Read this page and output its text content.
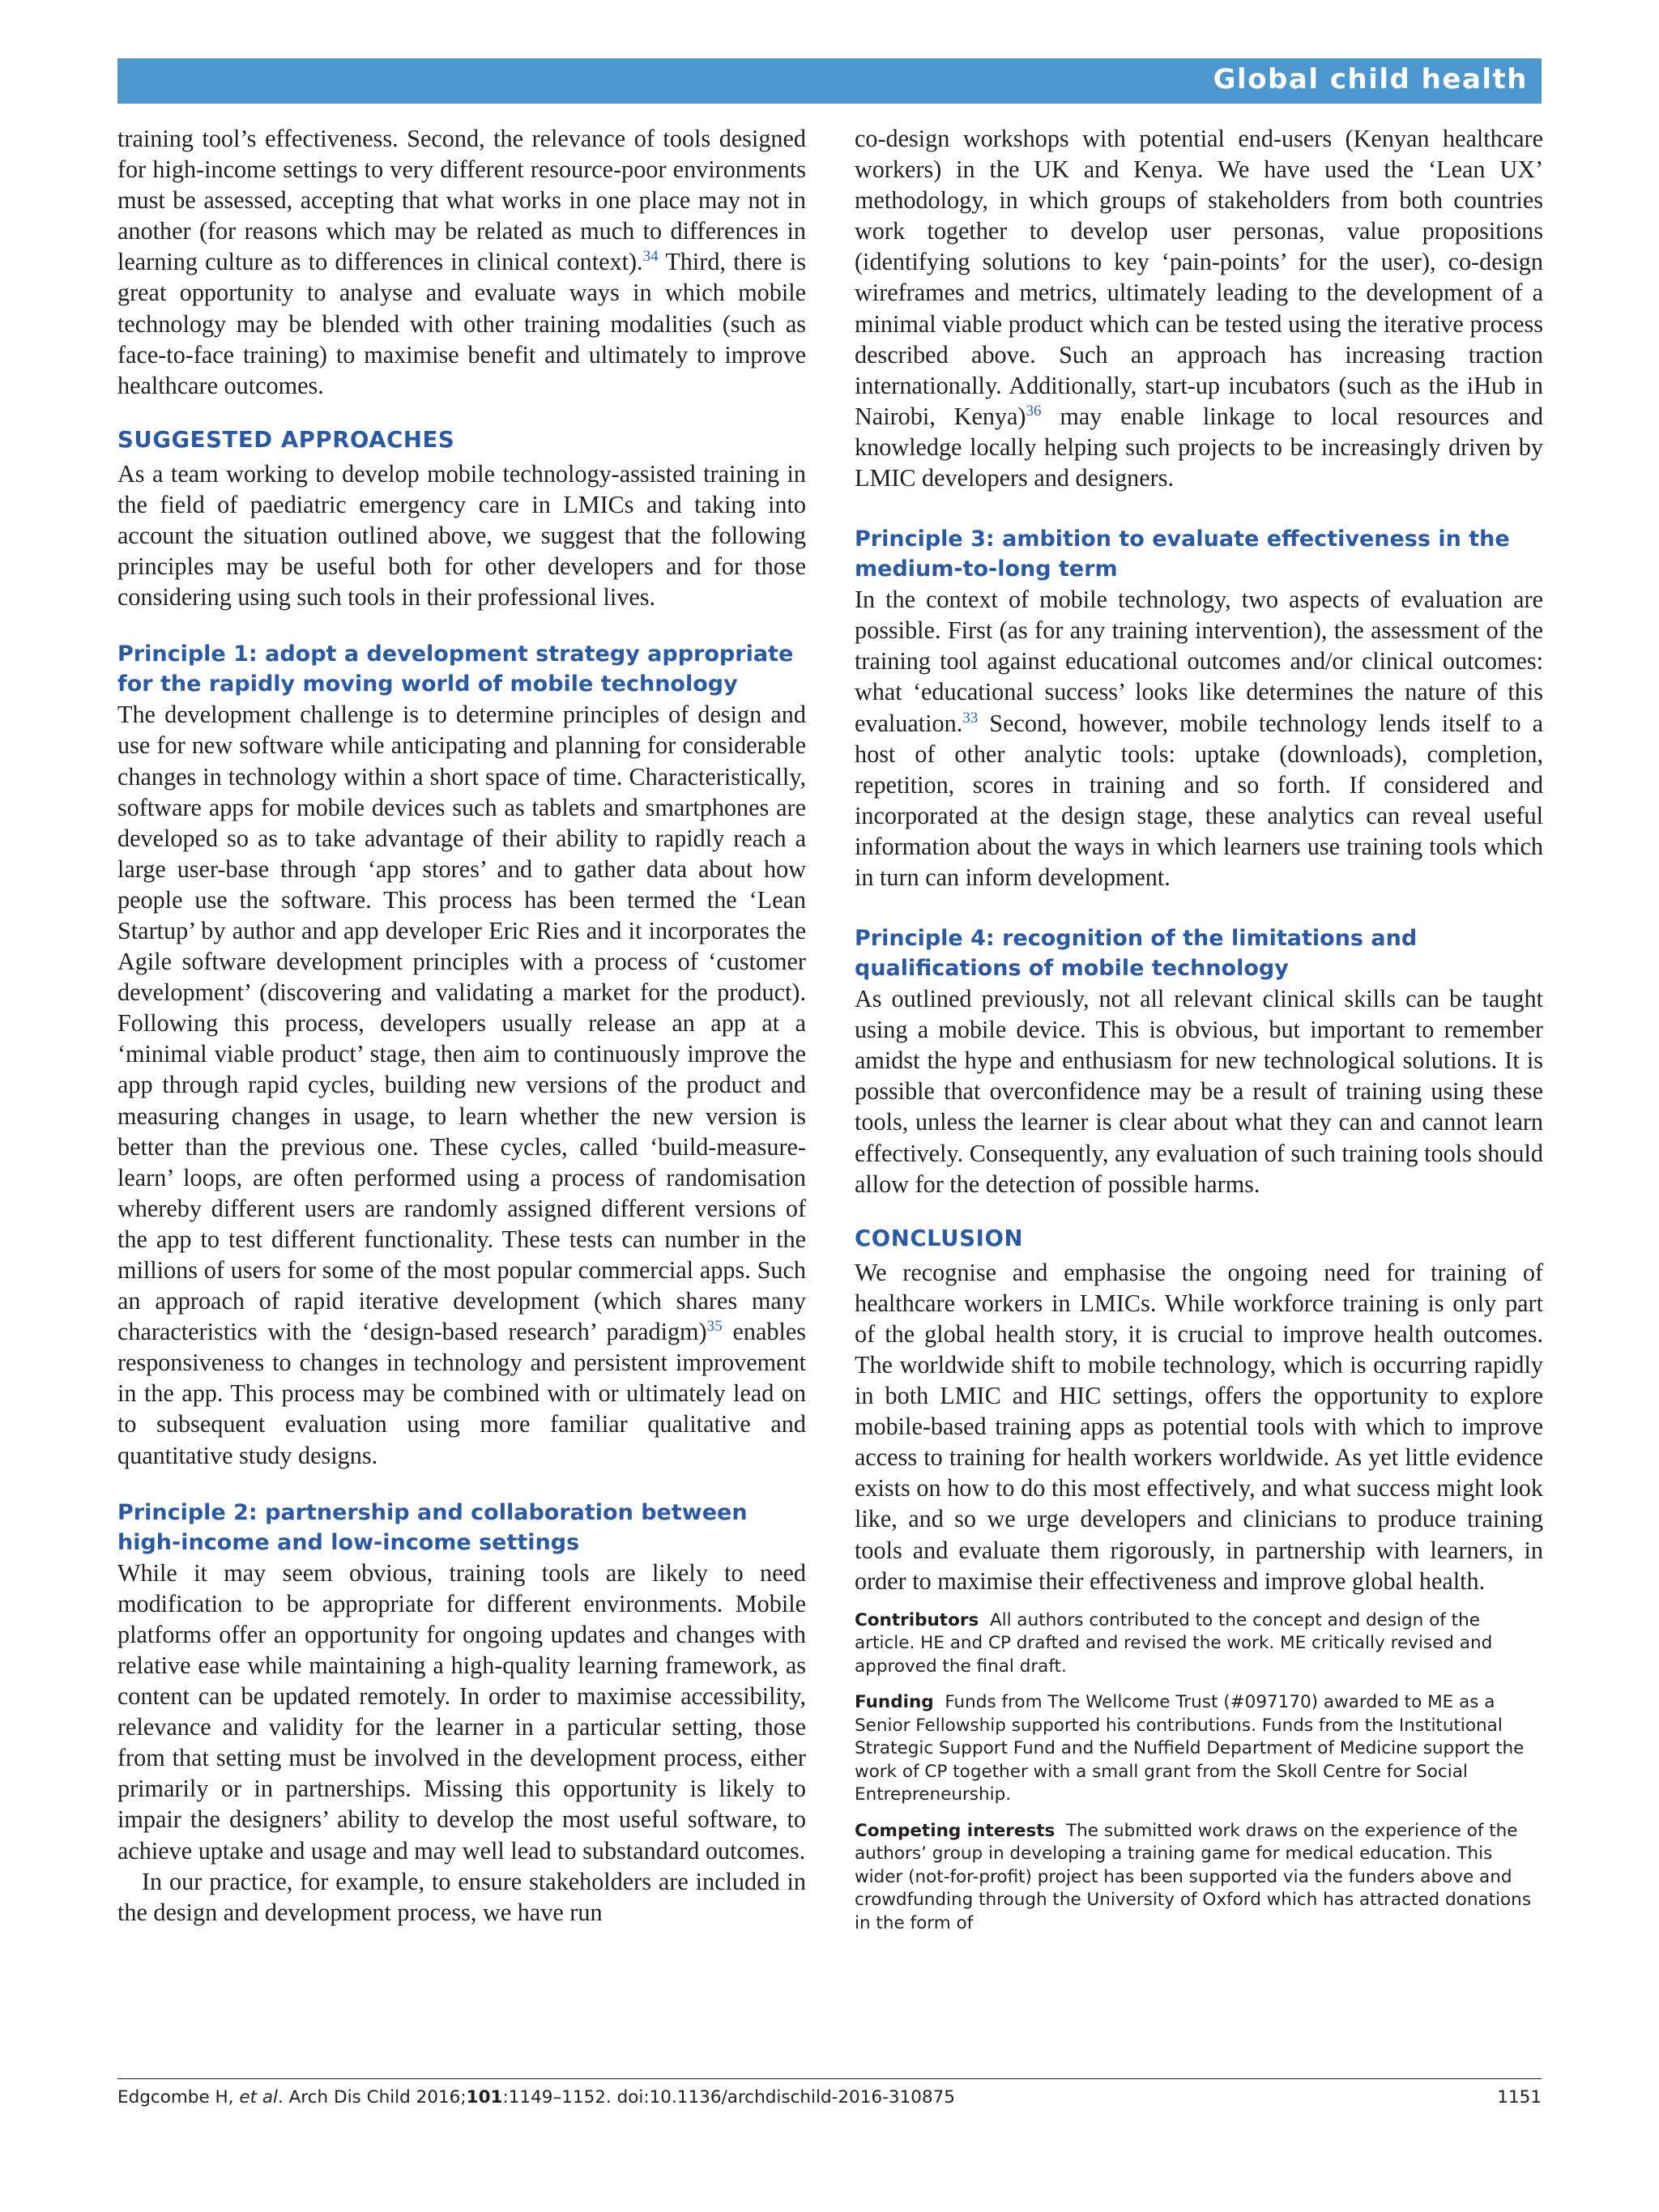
Global child health

training tool’s effectiveness. Second, the relevance of tools designed for high-income settings to very different resource-poor environments must be assessed, accepting that what works in one place may not in another (for reasons which may be related as much to differences in learning culture as to differences in clinical context).$^{34}$ Third, there is great opportunity to analyse and evaluate ways in which mobile technology may be blended with other training modalities (such as face-to-face training) to maximise benefit and ultimately to improve healthcare outcomes.

SUGGESTED APPROACHES

As a team working to develop mobile technology-assisted training in the field of paediatric emergency care in LMICs and taking into account the situation outlined above, we suggest that the following principles may be useful both for other developers and for those considering using such tools in their professional lives.

Principle 1: adopt a development strategy appropriate for the rapidly moving world of mobile technology

The development challenge is to determine principles of design and use for new software while anticipating and planning for considerable changes in technology within a short space of time. Characteristically, software apps for mobile devices such as tablets and smartphones are developed so as to take advantage of their ability to rapidly reach a large user-base through ‘app stores’ and to gather data about how people use the software. This process has been termed the ‘Lean Startup’ by author and app developer Eric Ries and it incorporates the Agile software development principles with a process of ‘customer development’ (discovering and validating a market for the product). Following this process, developers usually release an app at a ‘minimal viable product’ stage, then aim to continuously improve the app through rapid cycles, building new versions of the product and measuring changes in usage, to learn whether the new version is better than the previous one. These cycles, called ‘build-measure-learn’ loops, are often performed using a process of randomisation whereby different users are randomly assigned different versions of the app to test different functionality. These tests can number in the millions of users for some of the most popular commercial apps. Such an approach of rapid iterative development (which shares many characteristics with the ‘design-based research’ paradigm)$^{35}$ enables responsiveness to changes in technology and persistent improvement in the app. This process may be combined with or ultimately lead on to subsequent evaluation using more familiar qualitative and quantitative study designs.

Principle 2: partnership and collaboration between high-income and low-income settings

While it may seem obvious, training tools are likely to need modification to be appropriate for different environments. Mobile platforms offer an opportunity for ongoing updates and changes with relative ease while maintaining a high-quality learning framework, as content can be updated remotely. In order to maximise accessibility, relevance and validity for the learner in a particular setting, those from that setting must be involved in the development process, either primarily or in partnerships. Missing this opportunity is likely to impair the designers’ ability to develop the most useful software, to achieve uptake and usage and may well lead to substandard outcomes.

In our practice, for example, to ensure stakeholders are included in the design and development process, we have run

co-design workshops with potential end-users (Kenyan healthcare workers) in the UK and Kenya. We have used the ‘Lean UX’ methodology, in which groups of stakeholders from both countries work together to develop user personas, value propositions (identifying solutions to key ‘pain-points’ for the user), co-design wireframes and metrics, ultimately leading to the development of a minimal viable product which can be tested using the iterative process described above. Such an approach has increasing traction internationally. Additionally, start-up incubators (such as the iHub in Nairobi, Kenya)$^{36}$ may enable linkage to local resources and knowledge locally helping such projects to be increasingly driven by LMIC developers and designers.

Principle 3: ambition to evaluate effectiveness in the medium-to-long term

In the context of mobile technology, two aspects of evaluation are possible. First (as for any training intervention), the assessment of the training tool against educational outcomes and/or clinical outcomes: what ‘educational success’ looks like determines the nature of this evaluation.$^{33}$ Second, however, mobile technology lends itself to a host of other analytic tools: uptake (downloads), completion, repetition, scores in training and so forth. If considered and incorporated at the design stage, these analytics can reveal useful information about the ways in which learners use training tools which in turn can inform development.

Principle 4: recognition of the limitations and qualifications of mobile technology

As outlined previously, not all relevant clinical skills can be taught using a mobile device. This is obvious, but important to remember amidst the hype and enthusiasm for new technological solutions. It is possible that overconfidence may be a result of training using these tools, unless the learner is clear about what they can and cannot learn effectively. Consequently, any evaluation of such training tools should allow for the detection of possible harms.

CONCLUSION

We recognise and emphasise the ongoing need for training of healthcare workers in LMICs. While workforce training is only part of the global health story, it is crucial to improve health outcomes. The worldwide shift to mobile technology, which is occurring rapidly in both LMIC and HIC settings, offers the opportunity to explore mobile-based training apps as potential tools with which to improve access to training for health workers worldwide. As yet little evidence exists on how to do this most effectively, and what success might look like, and so we urge developers and clinicians to produce training tools and evaluate them rigorously, in partnership with learners, in order to maximise their effectiveness and improve global health.

Contributors All authors contributed to the concept and design of the article. HE and CP drafted and revised the work. ME critically revised and approved the final draft.

Funding Funds from The Wellcome Trust (#097170) awarded to ME as a Senior Fellowship supported his contributions. Funds from the Institutional Strategic Support Fund and the Nuffield Department of Medicine support the work of CP together with a small grant from the Skoll Centre for Social Entrepreneurship.

Competing interests The submitted work draws on the experience of the authors’ group in developing a training game for medical education. This wider (not-for-profit) project has been supported via the funders above and crowdfunding through the University of Oxford which has attracted donations in the form of

Edgcombe H, et al. Arch Dis Child 2016;101:1149–1152. doi:10.1136/archdischild-2016-310875	1151
